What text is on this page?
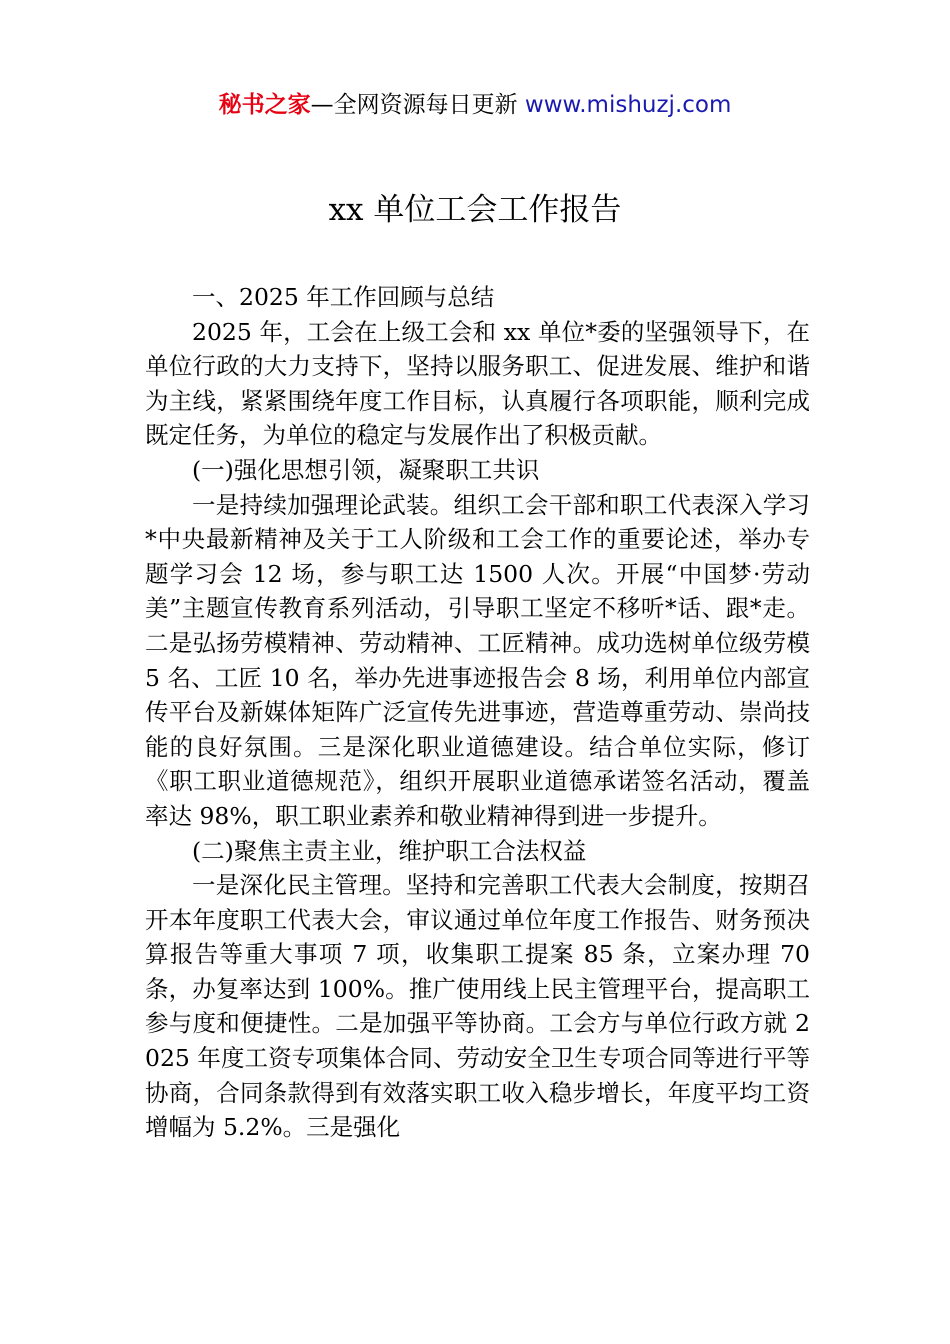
秘书之家—全网资源每日更新 www.mishuzj.com
xx 单位工会工作报告

一、2025 年工作回顾与总结

2025 年，工会在上级工会和 xx 单位*委的坚强领导下，在单位行政的大力支持下，坚持以服务职工、促进发展、维护和谐为主线，紧紧围绕年度工作目标，认真履行各项职能，顺利完成既定任务，为单位的稳定与发展作出了积极贡献。

(一)强化思想引领，凝聚职工共识

一是持续加强理论武装。组织工会干部和职工代表深入学习*中央最新精神及关于工人阶级和工会工作的重要论述，举办专题学习会 12 场，参与职工达 1500 人次。开展“中国梦·劳动美”主题宣传教育系列活动，引导职工坚定不移听*话、跟*走。二是弘扬劳模精神、劳动精神、工匠精神。成功选树单位级劳模 5 名、工匠 10 名，举办先进事迹报告会 8 场，利用单位内部宣传平台及新媒体矩阵广泛宣传先进事迹，营造尊重劳动、崇尚技能的良好氛围。三是深化职业道德建设。结合单位实际，修订《职工职业道德规范》，组织开展职业道德承诺签名活动，覆盖率达 98%，职工职业素养和敬业精神得到进一步提升。

(二)聚焦主责主业，维护职工合法权益

一是深化民主管理。坚持和完善职工代表大会制度，按期召开本年度职工代表大会，审议通过单位年度工作报告、财务预决算报告等重大事项 7 项，收集职工提案 85 条，立案办理 70 条，办复率达到 100%。推广使用线上民主管理平台，提高职工参与度和便捷性。二是加强平等协商。工会方与单位行政方就 2025 年度工资专项集体合同、劳动安全卫生专项合同等进行平等协商，合同条款得到有效落实职工收入稳步增长，年度平均工资增幅为 5.2%。三是强化
